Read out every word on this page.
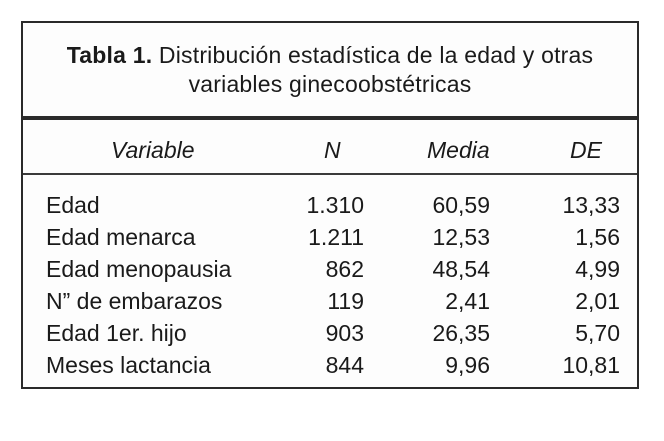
Tabla 1. Distribución estadística de la edad y otras
variables ginecoobstétricas
Variable	N	Media	DE
Edad	1.310	60,59	13,33
Edad menarca	1.211	12,53	1,56
Edad menopausia	862	48,54	4,99
N” de embarazos	119	2,41	2,01
Edad 1er. hijo	903	26,35	5,70
Meses lactancia	844	9,96	10,81
